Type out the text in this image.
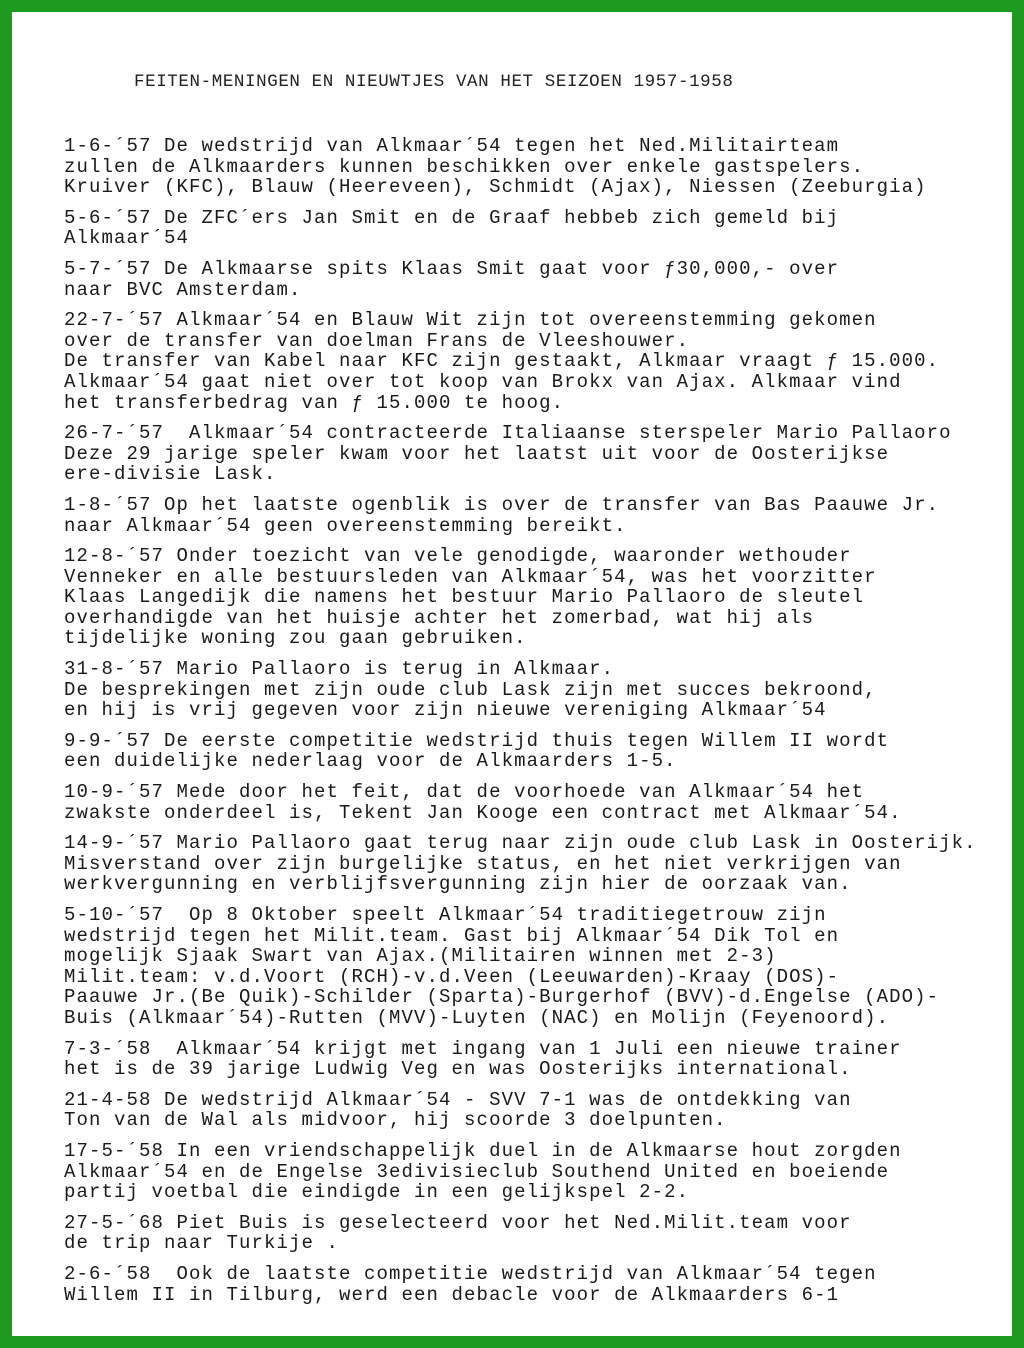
FEITEN-MENINGEN EN NIEUWTJES VAN HET SEIZOEN 1957-1958
1-6-´57 De wedstrijd van Alkmaar´54 tegen het Ned.Militairteam
zullen de Alkmaarders kunnen beschikken over enkele gastspelers.
Kruiver (KFC), Blauw (Heereveen), Schmidt (Ajax), Niessen (Zeeburgia)
5-6-´57 De ZFC´ers Jan Smit en de Graaf hebbeb zich gemeld bij
Alkmaar´54
5-7-´57 De Alkmaarse spits Klaas Smit gaat voor ƒ30,000,- over
naar BVC Amsterdam.
22-7-´57 Alkmaar´54 en Blauw Wit zijn tot overeenstemming gekomen
over de transfer van doelman Frans de Vleeshouwer.
De transfer van Kabel naar KFC zijn gestaakt, Alkmaar vraagt ƒ 15.000.
Alkmaar´54 gaat niet over tot koop van Brokx van Ajax. Alkmaar vind
het transferbedrag van ƒ 15.000 te hoog.
26-7-´57  Alkmaar´54 contracteerde Italiaanse sterspeler Mario Pallaoro
Deze 29 jarige speler kwam voor het laatst uit voor de Oosterijkse
ere-divisie Lask.
1-8-´57 Op het laatste ogenblik is over de transfer van Bas Paauwe Jr.
naar Alkmaar´54 geen overeenstemming bereikt.
12-8-´57 Onder toezicht van vele genodigde, waaronder wethouder
Venneker en alle bestuursleden van Alkmaar´54, was het voorzitter
Klaas Langedijk die namens het bestuur Mario Pallaoro de sleutel
overhandigde van het huisje achter het zomerbad, wat hij als
tijdelijke woning zou gaan gebruiken.
31-8-´57 Mario Pallaoro is terug in Alkmaar.
De besprekingen met zijn oude club Lask zijn met succes bekroond,
en hij is vrij gegeven voor zijn nieuwe vereniging Alkmaar´54
9-9-´57 De eerste competitie wedstrijd thuis tegen Willem II wordt
een duidelijke nederlaag voor de Alkmaarders 1-5.
10-9-´57 Mede door het feit, dat de voorhoede van Alkmaar´54 het
zwakste onderdeel is, Tekent Jan Kooge een contract met Alkmaar´54.
14-9-´57 Mario Pallaoro gaat terug naar zijn oude club Lask in Oosterijk.
Misverstand over zijn burgelijke status, en het niet verkrijgen van
werkvergunning en verblijfsvergunning zijn hier de oorzaak van.
5-10-´57  Op 8 Oktober speelt Alkmaar´54 traditiegetrouw zijn
wedstrijd tegen het Milit.team. Gast bij Alkmaar´54 Dik Tol en
mogelijk Sjaak Swart van Ajax.(Militairen winnen met 2-3)
Milit.team: v.d.Voort (RCH)-v.d.Veen (Leeuwarden)-Kraay (DOS)-
Paauwe Jr.(Be Quik)-Schilder (Sparta)-Burgerhof (BVV)-d.Engelse (ADO)-
Buis (Alkmaar´54)-Rutten (MVV)-Luyten (NAC) en Molijn (Feyenoord).
7-3-´58  Alkmaar´54 krijgt met ingang van 1 Juli een nieuwe trainer
het is de 39 jarige Ludwig Veg en was Oosterijks international.
21-4-58 De wedstrijd Alkmaar´54 - SVV 7-1 was de ontdekking van
Ton van de Wal als midvoor, hij scoorde 3 doelpunten.
17-5-´58 In een vriendschappelijk duel in de Alkmaarse hout zorgden
Alkmaar´54 en de Engelse 3edivisieclub Southend United en boeiende
partij voetbal die eindigde in een gelijkspel 2-2.
27-5-´68 Piet Buis is geselecteerd voor het Ned.Milit.team voor
de trip naar Turkije .
2-6-´58  Ook de laatste competitie wedstrijd van Alkmaar´54 tegen
Willem II in Tilburg, werd een debacle voor de Alkmaarders 6-1
